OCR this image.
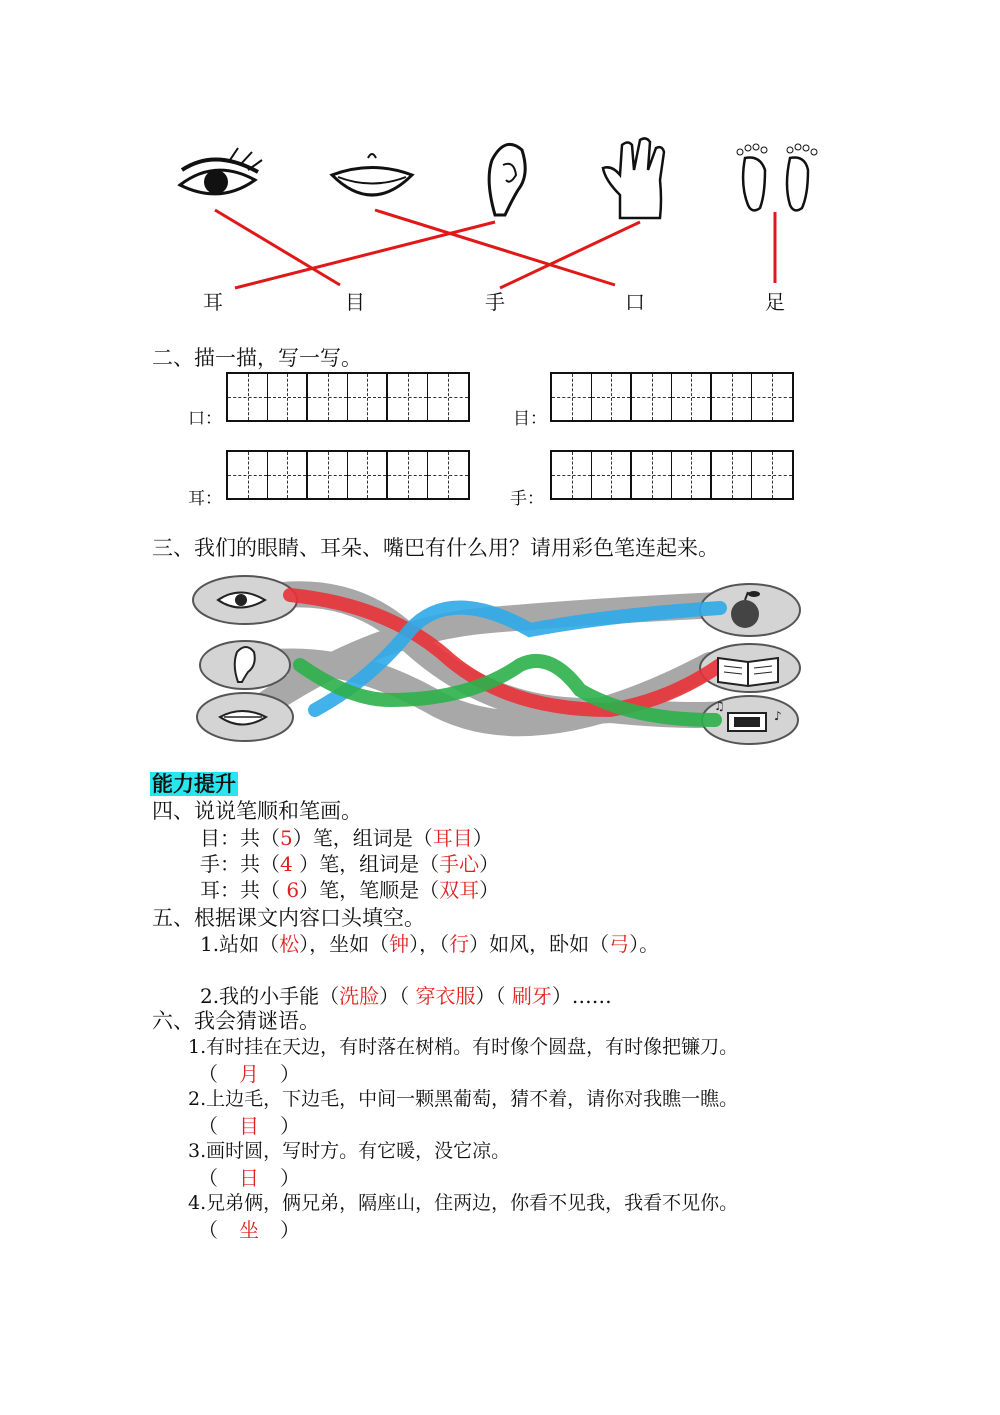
耳	目	手	口	足
二、描一描，写一写。
口：	目：
耳：	手：
三、我们的眼睛、耳朵、嘴巴有什么用？请用彩色笔连起来。
♪
♫
能力提升
四、说说笔顺和笔画。
目：共（5）笔，组词是（耳目）
手：共（4 ）笔，组词是（手心）
耳：共（ 6）笔，笔顺是（双耳）
五、根据课文内容口头填空。
1.站如（松），坐如（钟），（行）如风，卧如（弓）。
2.我的小手能（洗脸）（ 穿衣服）（ 刷牙）……
六、我会猜谜语。
1.有时挂在天边，有时落在树梢。有时像个圆盘，有时像把镰刀。
（ 月 ）
2.上边毛，下边毛，中间一颗黑葡萄，猜不着，请你对我瞧一瞧。
（ 目 ）
3.画时圆，写时方。有它暖，没它凉。
（ 日 ）
4.兄弟俩，俩兄弟，隔座山，住两边，你看不见我，我看不见你。
（ 坐 ）
